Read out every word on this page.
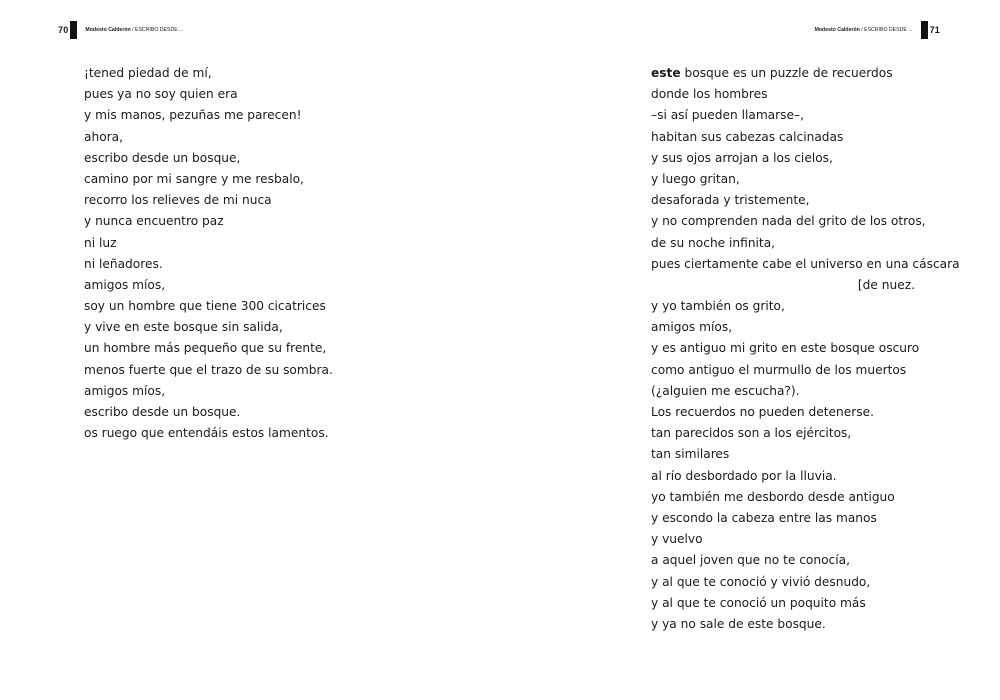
70	Modesto Calderón / ESCRIBO DESDE ...	Modesto Calderón / ESCRIBO DESDE ... 71
¡tened piedad de mí,
pues ya no soy quien era
y mis manos, pezuñas me parecen!
ahora,
escribo desde un bosque,
camino por mi sangre y me resbalo,
recorro los relieves de mi nuca
y nunca encuentro paz
ni luz
ni leñadores.
amigos míos,
soy un hombre que tiene 300 cicatrices
y vive en este bosque sin salida,
un hombre más pequeño que su frente,
menos fuerte que el trazo de su sombra.
amigos míos,
escribo desde un bosque.
os ruego que entendáis estos lamentos.
este bosque es un puzzle de recuerdos
donde los hombres
–si así pueden llamarse–,
habitan sus cabezas calcinadas
y sus ojos arrojan a los cielos,
y luego gritan,
desaforada y tristemente,
y no comprenden nada del grito de los otros,
de su noche infinita,
pues ciertamente cabe el universo en una cáscara
[de nuez.
y yo también os grito,
amigos míos,
y es antiguo mi grito en este bosque oscuro
como antiguo el murmullo de los muertos
(¿alguien me escucha?).
Los recuerdos no pueden detenerse.
tan parecidos son a los ejércitos,
tan similares
al río desbordado por la lluvia.
yo también me desbordo desde antiguo
y escondo la cabeza entre las manos
y vuelvo
a aquel joven que no te conocía,
y al que te conoció y vivió desnudo,
y al que te conoció un poquito más
y ya no sale de este bosque.
